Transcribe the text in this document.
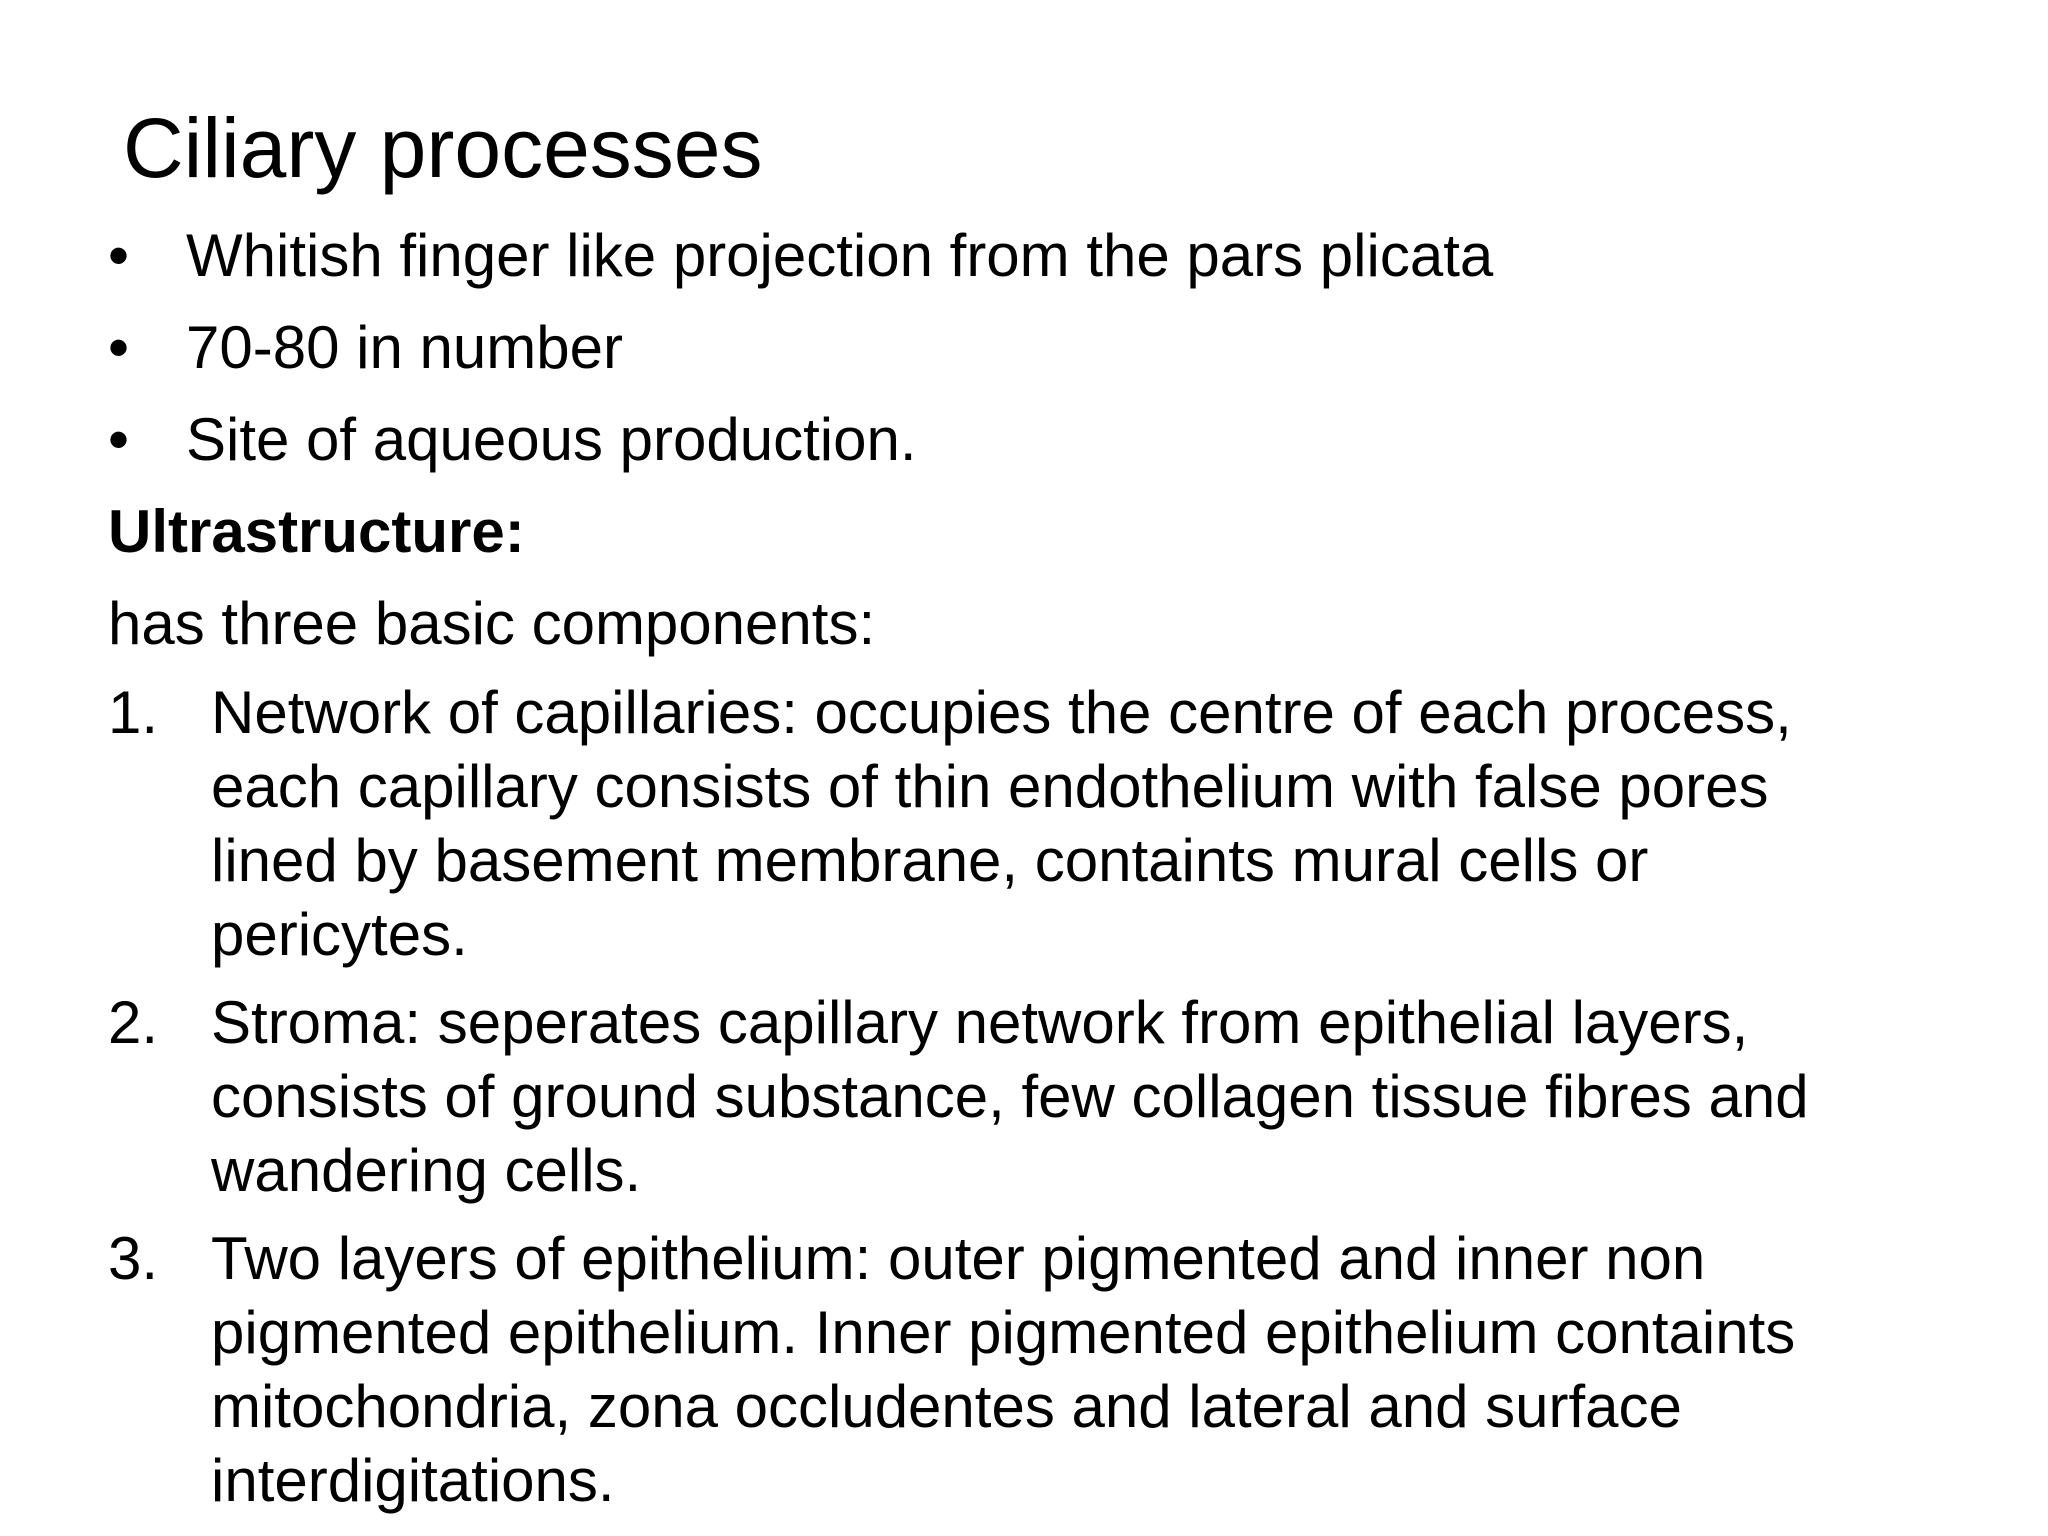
Ciliary processes
• Whitish finger like projection from the pars plicata
• 70-80 in number
• Site of aqueous production.
Ultrastructure:
has three basic components:
1. Network of capillaries: occupies the centre of each process,
each capillary consists of thin endothelium with false pores
lined by basement membrane, containts mural cells or
pericytes.
2. Stroma: seperates capillary network from epithelial layers,
consists of ground substance, few collagen tissue fibres and
wandering cells.
3. Two layers of epithelium: outer pigmented and inner non
pigmented epithelium. Inner pigmented epithelium containts
mitochondria, zona occludentes and lateral and surface
interdigitations.
